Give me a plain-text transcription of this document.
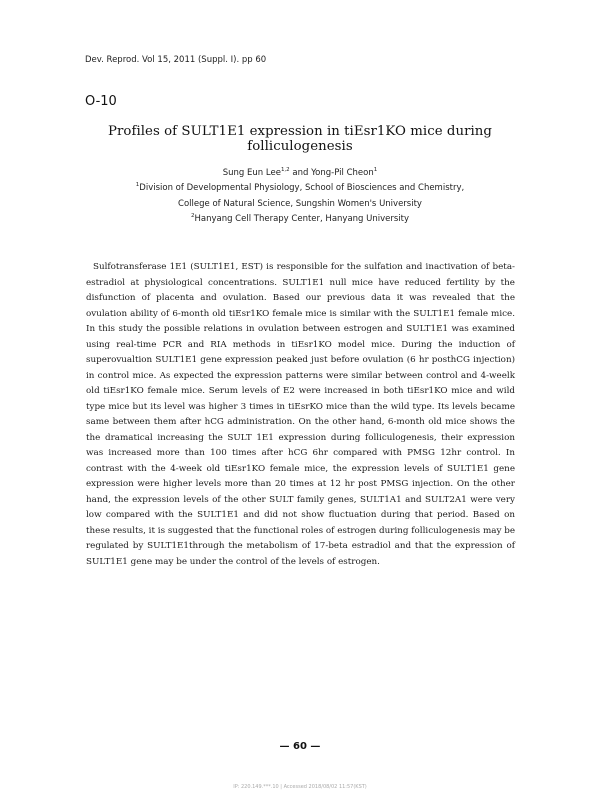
Dev. Reprod. Vol 15, 2011 (Suppl. I). pp 60
O-10
Profiles of SULT1E1 expression in tiEsr1KO mice during folliculogenesis
Sung Eun Lee$^{1,2}$ and Yong-Pil Cheon$^1$
$^1$Division of Developmental Physiology, School of Biosciences and Chemistry,
College of Natural Science, Sungshin Women's University
$^2$Hanyang Cell Therapy Center, Hanyang University

Sulfotransferase 1E1 (SULT1E1, EST) is responsible for the sulfation and inactivation of beta-estradiol at physiological concentrations. SULT1E1 null mice have reduced fertility by the disfunction of placenta and ovulation. Based our previous data it was revealed that the ovulation ability of 6-month old tiEsr1KO female mice is similar with the SULT1E1 female mice. In this study the possible relations in ovulation between estrogen and SULT1E1 was examined using real-time PCR and RIA methods in tiEsr1KO model mice. During the induction of superovualtion SULT1E1 gene expression peaked just before ovulation (6 hr posthCG injection) in control mice. As expected the expression patterns were similar between control and 4-weelk old tiEsr1KO female mice. Serum levels of E2 were increased in both tiEsr1KO mice and wild type mice but its level was higher 3 times in tiEsrKO mice than the wild type. Its levels became same between them after hCG administration. On the other hand, 6-month old mice shows the the dramatical increasing the SULT 1E1 expression during folliculogenesis, their expression was increased more than 100 times after hCG 6hr compared with PMSG 12hr control. In contrast with the 4-week old tiEsr1KO female mice, the expression levels of SULT1E1 gene expression were higher levels more than 20 times at 12 hr post PMSG injection. On the other hand, the expression levels of the other SULT family genes, SULT1A1 and SULT2A1 were very low compared with the SULT1E1 and did not show fluctuation during that period. Based on these results, it is suggested that the functional roles of estrogen during folliculogenesis may be regulated by SULT1E1through the metabolism of 17-beta estradiol and that the expression of SULT1E1 gene may be under the control of the levels of estrogen.

— 60 —
IP: 220.149.***.10 | Accessed 2018/08/02 11:57(KST)
